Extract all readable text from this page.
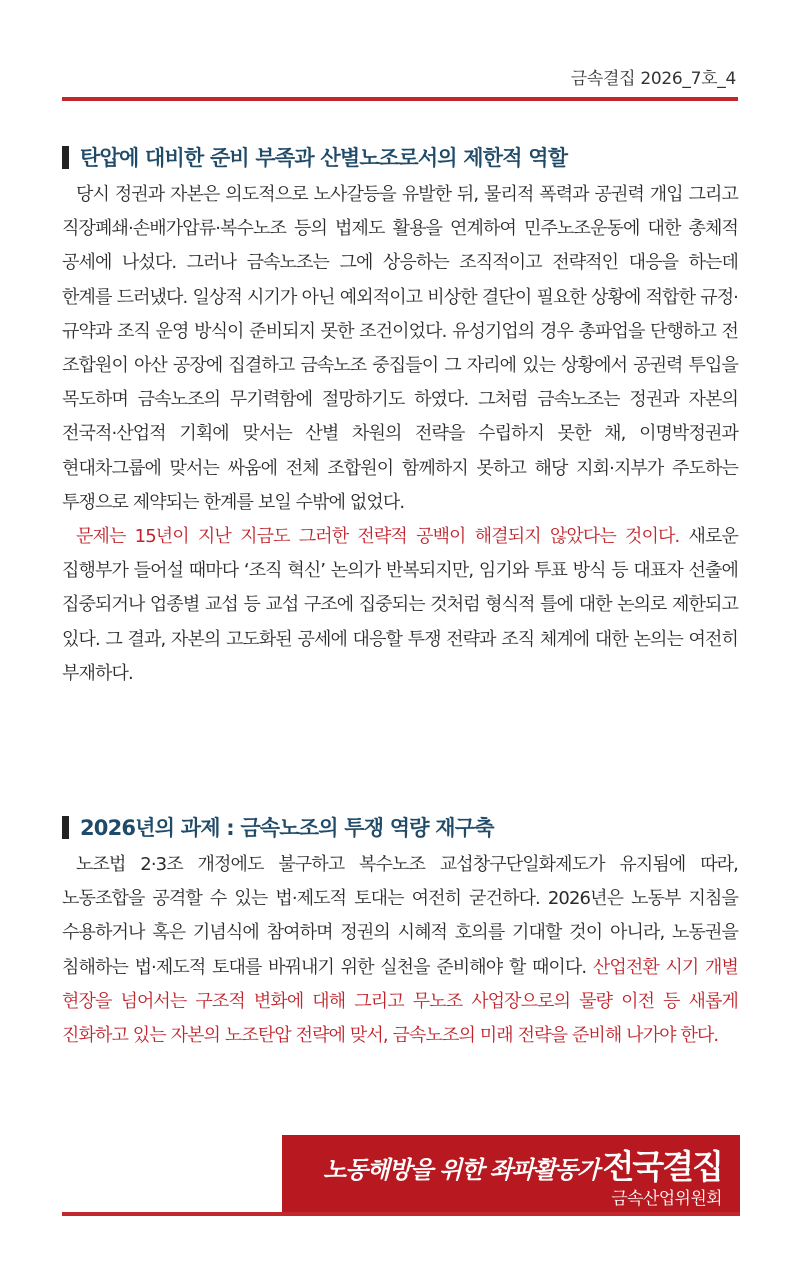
금속결집 2026_7호_4
탄압에 대비한 준비 부족과 산별노조로서의 제한적 역할

당시 정권과 자본은 의도적으로 노사갈등을 유발한 뒤, 물리적 폭력과 공권력 개입 그리고 직장폐쇄·손배가압류·복수노조 등의 법제도 활용을 연계하여 민주노조운동에 대한 총체적 공세에 나섰다. 그러나 금속노조는 그에 상응하는 조직적이고 전략적인 대응을 하는데 한계를 드러냈다. 일상적 시기가 아닌 예외적이고 비상한 결단이 필요한 상황에 적합한 규정·규약과 조직 운영 방식이 준비되지 못한 조건이었다. 유성기업의 경우 총파업을 단행하고 전 조합원이 아산 공장에 집결하고 금속노조 중집들이 그 자리에 있는 상황에서 공권력 투입을 목도하며 금속노조의 무기력함에 절망하기도 하였다. 그처럼 금속노조는 정권과 자본의 전국적·산업적 기획에 맞서는 산별 차원의 전략을 수립하지 못한 채, 이명박정권과 현대차그룹에 맞서는 싸움에 전체 조합원이 함께하지 못하고 해당 지회·지부가 주도하는 투쟁으로 제약되는 한계를 보일 수밖에 없었다.

문제는 15년이 지난 지금도 그러한 전략적 공백이 해결되지 않았다는 것이다. 새로운 집행부가 들어설 때마다 ‘조직 혁신’ 논의가 반복되지만, 임기와 투표 방식 등 대표자 선출에 집중되거나 업종별 교섭 등 교섭 구조에 집중되는 것처럼 형식적 틀에 대한 논의로 제한되고 있다. 그 결과, 자본의 고도화된 공세에 대응할 투쟁 전략과 조직 체계에 대한 논의는 여전히 부재하다.

2026년의 과제 : 금속노조의 투쟁 역량 재구축

노조법 2·3조 개정에도 불구하고 복수노조 교섭창구단일화제도가 유지됨에 따라, 노동조합을 공격할 수 있는 법·제도적 토대는 여전히 굳건하다. 2026년은 노동부 지침을 수용하거나 혹은 기념식에 참여하며 정권의 시혜적 호의를 기대할 것이 아니라, 노동권을 침해하는 법·제도적 토대를 바꿔내기 위한 실천을 준비해야 할 때이다. 산업전환 시기 개별 현장을 넘어서는 구조적 변화에 대해 그리고 무노조 사업장으로의 물량 이전 등 새롭게 진화하고 있는 자본의 노조탄압 전략에 맞서, 금속노조의 미래 전략을 준비해 나가야 한다.

노동해방을 위한 좌파활동가 전국결집
금속산업위원회
